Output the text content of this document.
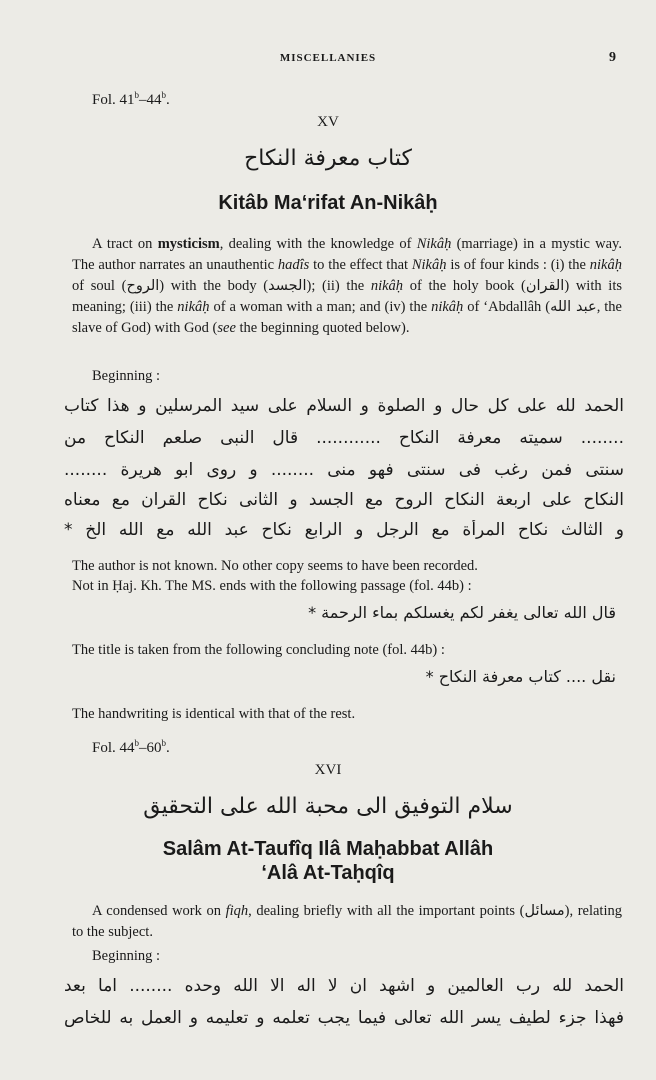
MISCELLANIES	9
Fol. 41$^b$–44$^b$.
XV
كتاب معرفة النكاح
Kitâb Ma‘rifat An-Nikâḥ
A tract on mysticism, dealing with the knowledge of Nikâḥ (marriage) in a mystic way. The author narrates an unauthentic hadîs to the effect that Nikâḥ is of four kinds : (i) the nikâḥ of soul (الروح) with the body (الجسد); (ii) the nikâḥ of the holy book (القران) with its meaning; (iii) the nikâḥ of a woman with a man; and (iv) the nikâḥ of ‘Abdallâh (عبد الله, the slave of God) with God (see the beginning quoted below).
Beginning :
الحمد لله على كل حال و الصلوة و السلام على سيد المرسلين و هذا كتاب
........ سميته معرفة النكاح ............ قال النبى صلعم النكاح من
سنتى فمن رغب فى سنتى فهو منى ........ و روى ابو هريرة ........
النكاح على اربعة النكاح الروح مع الجسد و الثانى نكاح القران مع معناه
و الثالث نكاح المرأة مع الرجل و الرابع نكاح عبد الله مع الله الخ *
The author is not known. No other copy seems to have been recorded.
Not in Ḥaj. Kh. The MS. ends with the following passage (fol. 44b) :
قال الله تعالى يغفر لكم يغسلكم بماء الرحمة *
The title is taken from the following concluding note (fol. 44b) :
نقل .... كتاب معرفة النكاح *
The handwriting is identical with that of the rest.
Fol. 44$^b$–60$^b$.
XVI
سلام التوفيق الى محبة الله على التحقيق
Salâm At-Taufîq Ilâ Maḥabbat Allâh
‘Alâ At-Taḥqîq
A condensed work on fiqh, dealing briefly with all the important points (مسائل), relating to the subject.
Beginning :
الحمد لله رب العالمين و اشهد ان لا اله الا الله وحده ........ اما بعد
فهذا جزء لطيف يسر الله تعالى فيما يجب تعلمه و تعليمه و العمل به للخاص
